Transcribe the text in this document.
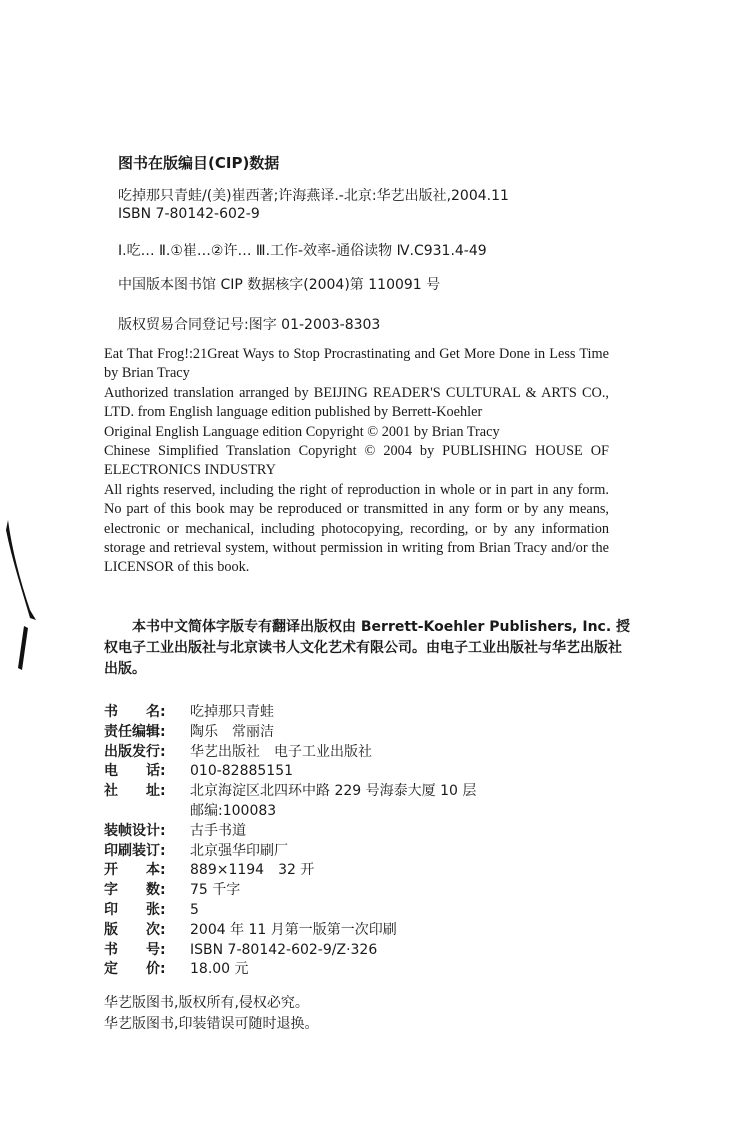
图书在版编目(CIP)数据
吃掉那只青蛙/(美)崔西著;许海燕译.-北京:华艺出版社,2004.11
ISBN 7-80142-602-9
Ⅰ.吃… Ⅱ.①崔…②许… Ⅲ.工作-效率-通俗读物 Ⅳ.C931.4-49
中国版本图书馆 CIP 数据核字(2004)第 110091 号
版权贸易合同登记号:图字 01-2003-8303

Eat That Frog!:21Great Ways to Stop Procrastinating and Get More Done in Less Time by Brian Tracy

Authorized translation arranged by BEIJING READER'S CULTURAL & ARTS CO., LTD. from English language edition published by Berrett-Koehler

Original English Language edition Copyright © 2001 by Brian Tracy

Chinese Simplified Translation Copyright © 2004 by PUBLISHING HOUSE OF ELECTRONICS INDUSTRY

All rights reserved, including the right of reproduction in whole or in part in any form. No part of this book may be reproduced or transmitted in any form or by any means, electronic or mechanical, including photocopying, recording, or by any information storage and retrieval system, without permission in writing from Brian Tracy and/or the LICENSOR of this book.

本书中文简体字版专有翻译出版权由 Berrett-Koehler Publishers, Inc. 授权电子工业出版社与北京读书人文化艺术有限公司。由电子工业出版社与华艺出版社出版。

书　　名:	吃掉那只青蛙
责任编辑:	陶乐　常丽洁
出版发行:	华艺出版社　电子工业出版社
电　　话:	010-82885151
社　　址:	北京海淀区北四环中路 229 号海泰大厦 10 层
邮编:100083
装帧设计:	古手书道
印刷装订:	北京强华印刷厂
开　　本:	889×1194　32 开
字　　数:	75 千字
印　　张:	5
版　　次:	2004 年 11 月第一版第一次印刷
书　　号:	ISBN 7-80142-602-9/Z·326
定　　价:	18.00 元
华艺版图书,版权所有,侵权必究。
华艺版图书,印装错误可随时退换。
